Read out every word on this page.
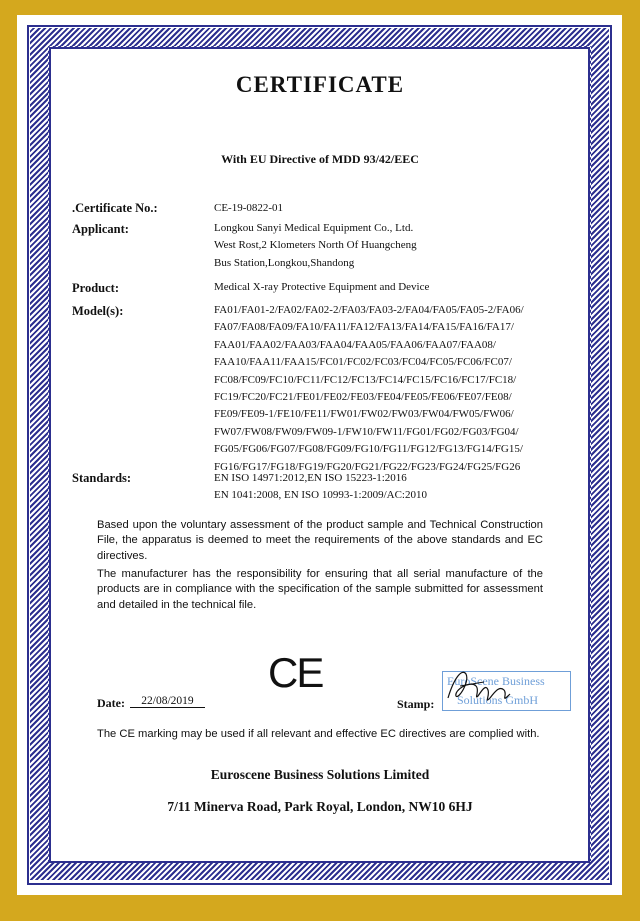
CERTIFICATE
With EU Directive of MDD 93/42/EEC
.Certificate No.:	CE-19-0822-01
Applicant:	Longkou Sanyi Medical Equipment Co., Ltd.
West Rost,2 Klometers North Of Huangcheng
Bus Station,Longkou,Shandong
Product:	Medical X-ray Protective Equipment and Device
Model(s):	FA01/FA01-2/FA02/FA02-2/FA03/FA03-2/FA04/FA05/FA05-2/FA06/
FA07/FA08/FA09/FA10/FA11/FA12/FA13/FA14/FA15/FA16/FA17/
FAA01/FAA02/FAA03/FAA04/FAA05/FAA06/FAA07/FAA08/
FAA10/FAA11/FAA15/FC01/FC02/FC03/FC04/FC05/FC06/FC07/
FC08/FC09/FC10/FC11/FC12/FC13/FC14/FC15/FC16/FC17/FC18/
FC19/FC20/FC21/FE01/FE02/FE03/FE04/FE05/FE06/FE07/FE08/
FE09/FE09-1/FE10/FE11/FW01/FW02/FW03/FW04/FW05/FW06/
FW07/FW08/FW09/FW09-1/FW10/FW11/FG01/FG02/FG03/FG04/
FG05/FG06/FG07/FG08/FG09/FG10/FG11/FG12/FG13/FG14/FG15/
FG16/FG17/FG18/FG19/FG20/FG21/FG22/FG23/FG24/FG25/FG26
Standards:	EN ISO 14971:2012,EN ISO 15223-1:2016
EN 1041:2008, EN ISO 10993-1:2009/AC:2010
Based upon the voluntary assessment of the product sample and Technical Construction File, the apparatus is deemed to meet the requirements of the above standards and EC directives.
The manufacturer has the responsibility for ensuring that all serial manufacture of the products are in compliance with the specification of the sample submitted for assessment and detailed in the technical file.
CE
Date:	22/08/2019	Stamp:
EuroScene Business
Solutions GmbH
The CE marking may be used if all relevant and effective EC directives are complied with.
Euroscene Business Solutions Limited
7/11 Minerva Road, Park Royal, London, NW10 6HJ
